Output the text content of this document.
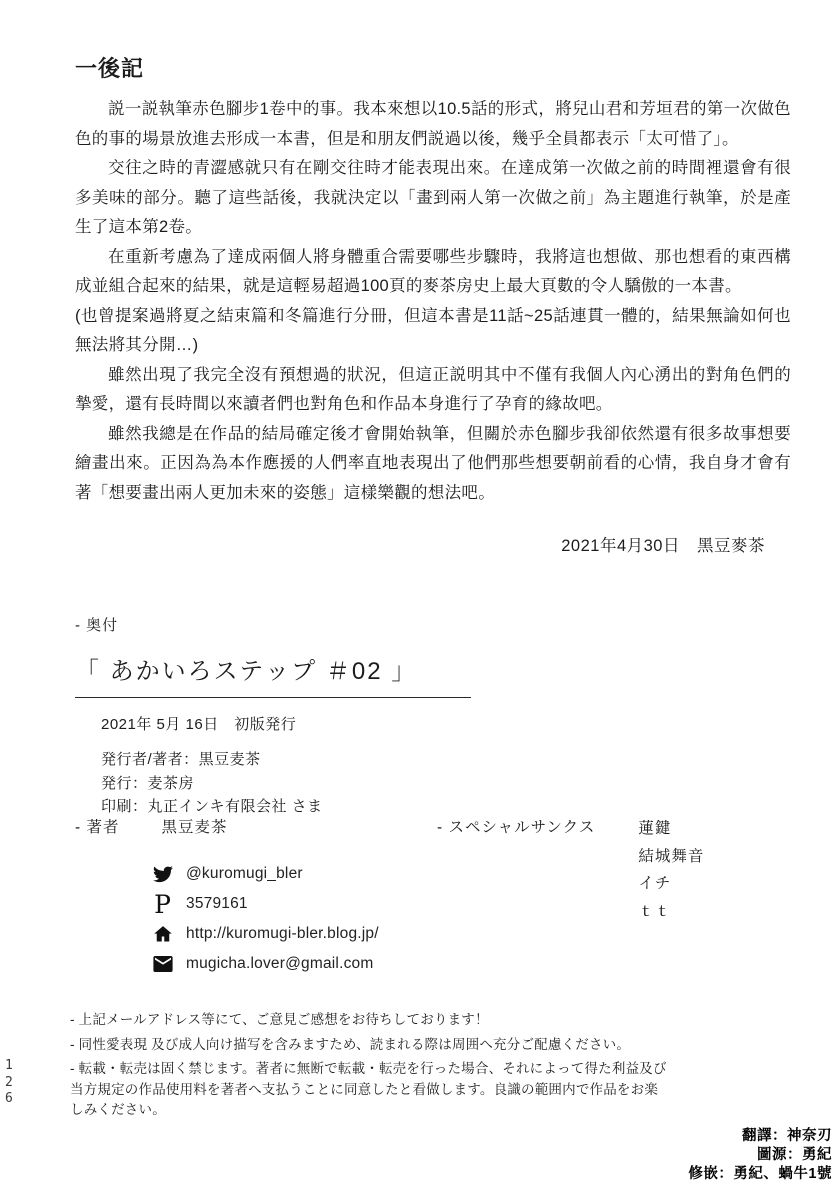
一後記

説一説執筆赤色腳步1卷中的事。我本來想以10.5話的形式，將兒山君和芳垣君的第一次做色色的事的場景放進去形成一本書，但是和朋友們説過以後，幾乎全員都表示「太可惜了」。

交往之時的青澀感就只有在剛交往時才能表現出來。在達成第一次做之前的時間裡還會有很多美味的部分。聽了這些話後，我就決定以「畫到兩人第一次做之前」為主題進行執筆，於是產生了這本第2卷。

在重新考慮為了達成兩個人將身體重合需要哪些步驟時，我將這也想做、那也想看的東西構成並組合起來的結果，就是這輕易超過100頁的麥茶房史上最大頁數的令人驕傲的一本書。

(也曾提案過將夏之結束篇和冬篇進行分冊，但這本書是11話~25話連貫一體的，結果無論如何也無法將其分開…)

雖然出現了我完全沒有預想過的狀況，但這正説明其中不僅有我個人內心湧出的對角色們的摯愛，還有長時間以來讀者們也對角色和作品本身進行了孕育的緣故吧。

雖然我總是在作品的結局確定後才會開始執筆，但關於赤色腳步我卻依然還有很多故事想要繪畫出來。正因為為本作應援的人們率直地表現出了他們那些想要朝前看的心情，我自身才會有著「想要畫出兩人更加未來的姿態」這樣樂觀的想法吧。

2021年4月30日　黑豆麥茶
- 奥付
「 あかいろステップ ＃02 」
2021年 5月 16日　初版発行
発行者/著者：黒豆麦茶
発行：麦茶房
印刷：丸正インキ有限会社 さま
- 著者	黒豆麦茶
@kuromugi_bler
P 3579161
http://kuromugi-bler.blog.jp/
mugicha.lover@gmail.com
- スペシャルサンクス	蓮鍵
結城舞音
イチ
ｔｔ

- 上記メールアドレス等にて、ご意見ご感想をお待ちしております！

- 同性愛表現 及び成人向け描写を含みますため、読まれる際は周囲へ充分ご配慮ください。

- 転載・転売は固く禁じます。著者に無断で転載・転売を行った場合、それによって得た利益及び当方規定の作品使用料を著者へ支払うことに同意したと看做します。良識の範囲内で作品をお楽しみください。

126
翻譯：神奈刃
圖源：勇紀
修嵌：勇紀、蝸牛1號
